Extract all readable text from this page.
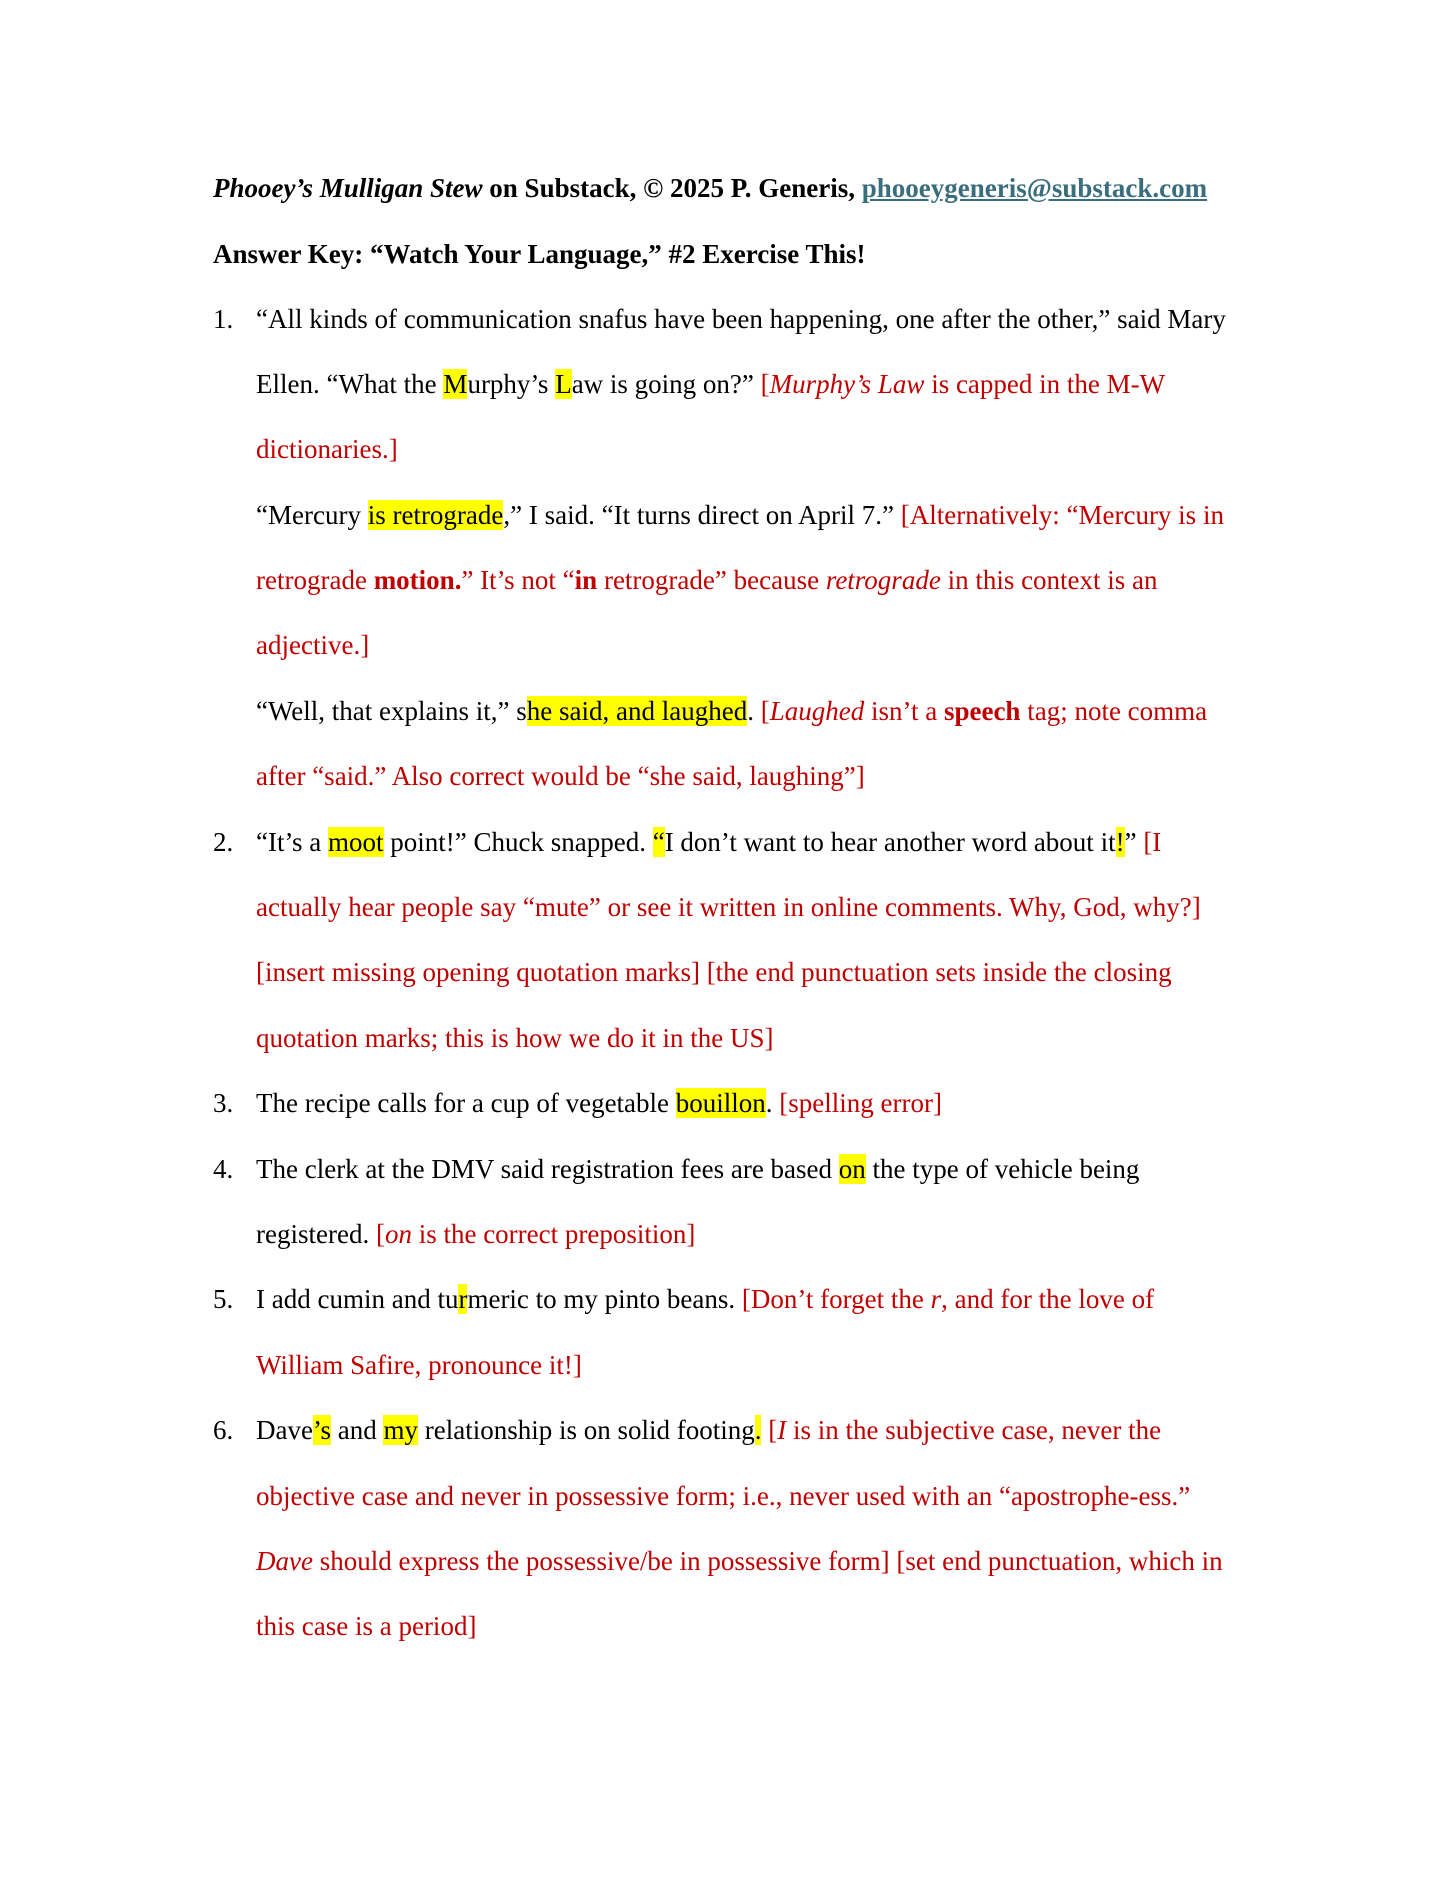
Phooey’s Mulligan Stew on Substack, © 2025 P. Generis, phooeygeneris@substack.com
Answer Key: “Watch Your Language,” #2 Exercise This!
1. “All kinds of communication snafus have been happening, one after the other,” said Mary
Ellen. “What the Murphy’s Law is going on?” [Murphy’s Law is capped in the M-W
dictionaries.]
“Mercury is retrograde,” I said. “It turns direct on April 7.” [Alternatively: “Mercury is in
retrograde motion.” It’s not “in retrograde” because retrograde in this context is an
adjective.]
“Well, that explains it,” she said, and laughed. [Laughed isn’t a speech tag; note comma
after “said.” Also correct would be “she said, laughing”]
2. “It’s a moot point!” Chuck snapped. “I don’t want to hear another word about it!” [I
actually hear people say “mute” or see it written in online comments. Why, God, why?]
[insert missing opening quotation marks] [the end punctuation sets inside the closing
quotation marks; this is how we do it in the US]
3. The recipe calls for a cup of vegetable bouillon. [spelling error]
4. The clerk at the DMV said registration fees are based on the type of vehicle being
registered. [on is the correct preposition]
5. I add cumin and turmeric to my pinto beans. [Don’t forget the r, and for the love of
William Safire, pronounce it!]
6. Dave’s and my relationship is on solid footing. [I is in the subjective case, never the
objective case and never in possessive form; i.e., never used with an “apostrophe-ess.”
Dave should express the possessive/be in possessive form] [set end punctuation, which in
this case is a period]
